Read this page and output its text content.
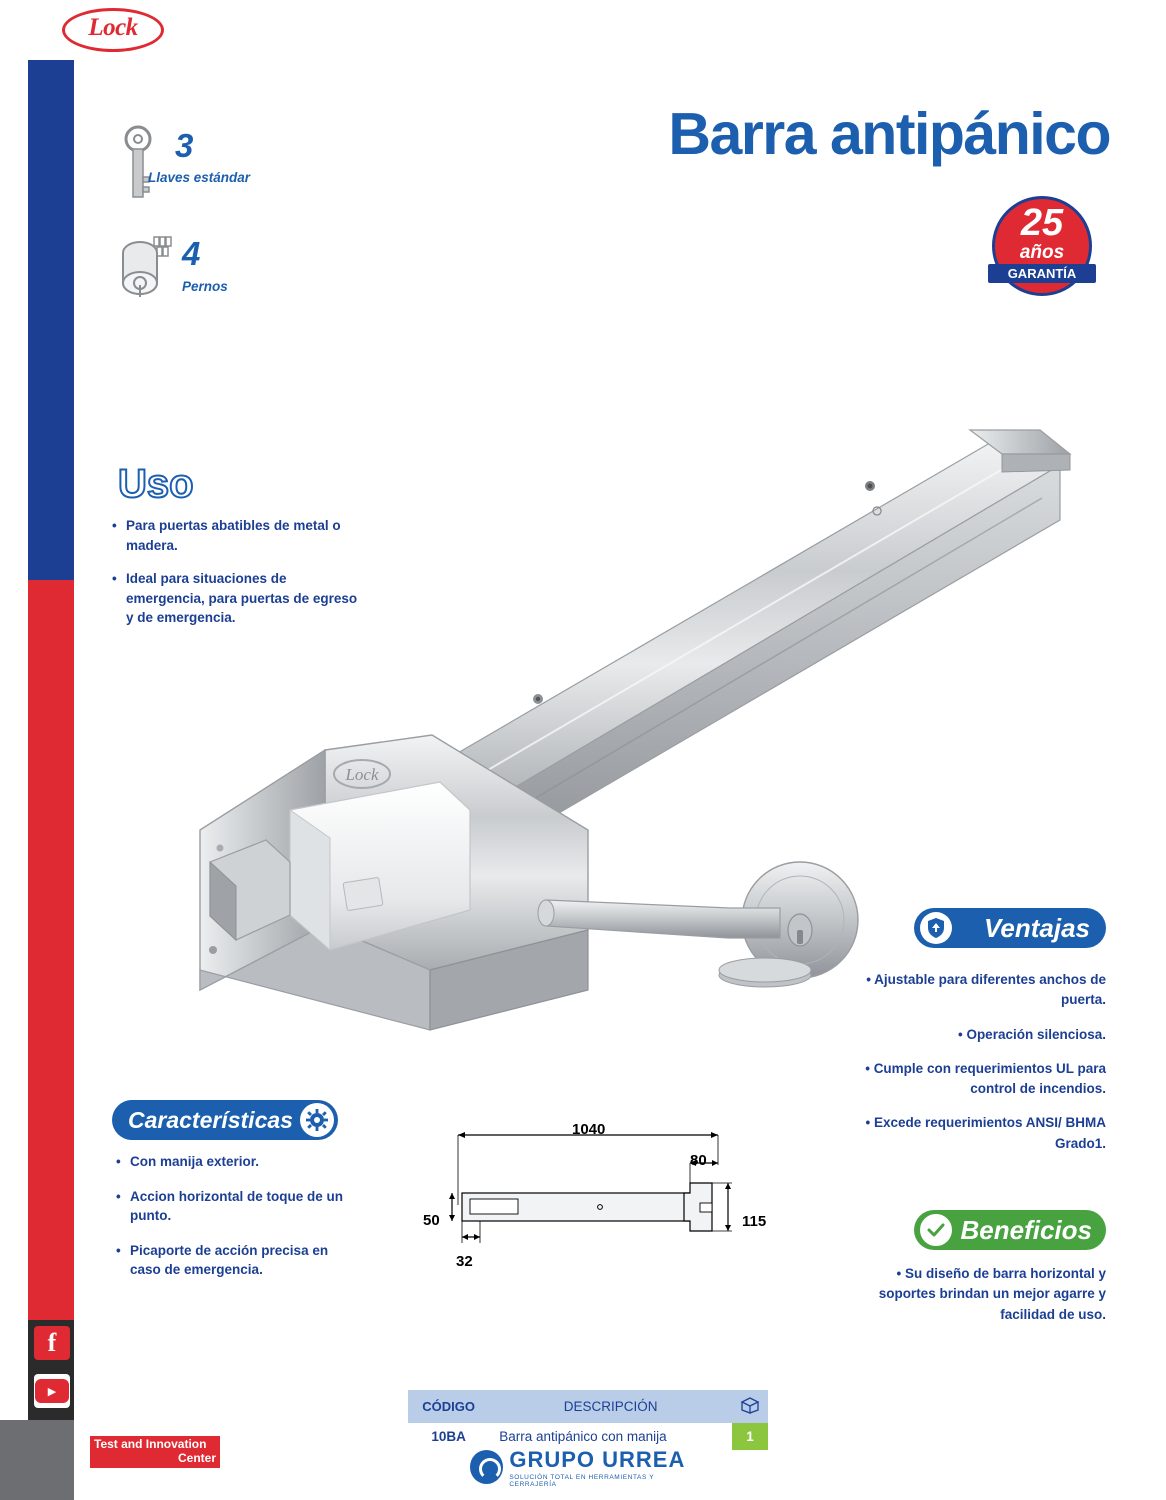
Lock
Barra antipánico
3
Llaves estándar
4
Pernos
25
años
GARANTÍA
Uso
• Para puertas abatibles de metal o madera.
• Ideal para situaciones de emergencia, para puertas de egreso y de emergencia.
Lock
Ventajas
• Ajustable para diferentes anchos de puerta.
• Operación silenciosa.
• Cumple con requerimientos UL para control de incendios.
• Excede requerimientos ANSI/ BHMA Grado1.
Beneficios
• Su diseño de barra horizontal y soportes brindan un mejor agarre y facilidad de uso.
Características
• Con manija exterior.
• Accion horizontal de toque de un punto.
• Picaporte de acción precisa en caso de emergencia.
1040
80
50
32
115
CÓDIGO	DESCRIPCIÓN	
10BA	Barra antipánico con manija	1
f
▶
PRODUCTO EVALUADO EN
Test and Innovation
Center	GRUPO URREA
SOLUCIÓN TOTAL EN HERRAMIENTAS Y CERRAJERÍA
